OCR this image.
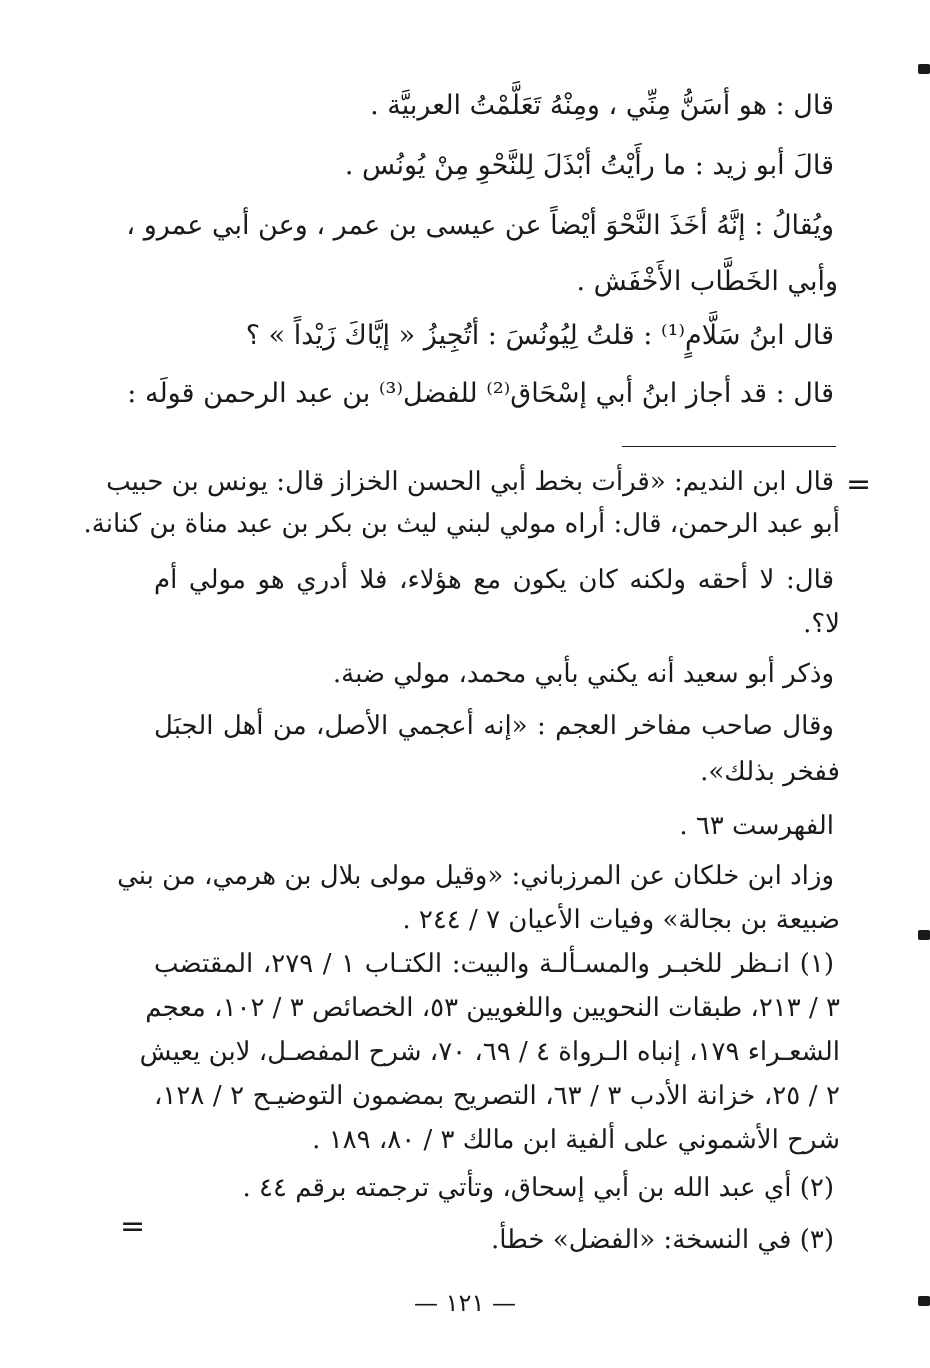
قال : هو أسَنُّ مِنِّي ، ومِنْهُ تَعَلَّمْتُ العربيَّة .
قالَ أبو زيد : ما رأَيْتُ أبْذَلَ لِلنَّحْوِ مِنْ يُونُس .
ويُقالُ : إنَّهُ أخَذَ النَّحْوَ أيْضاً عن عيسى بن عمر ، وعن أبي عمرو ،
وأبي الخَطَّاب الأَخْفَش .
قال ابنُ سَلَّامٍ⁽¹⁾ : قلتُ لِيُونُسَ : أتُجِيزُ « إيَّاكَ زَيْداً » ؟
قال : قد أجاز ابنُ أبي إسْحَاق⁽²⁾ للفضل⁽³⁾ بن عبد الرحمن قولَه :
=
قال ابن النديم: «قرأت بخط أبي الحسن الخزاز قال: يونس بن حبيب
أبو عبد الرحمن، قال: أراه مولي لبني ليث بن بكر بن عبد مناة بن كنانة.
قال: لا أحقه ولكنه كان يكون مع هؤلاء، فلا أدري هو مولي أم
لا؟.
وذكر أبو سعيد أنه يكني بأبي محمد، مولي ضبة.
وقال صاحب مفاخر العجم : «إنه أعجمي الأصل، من أهل الجبَل
ففخر بذلك».
الفهرست ٦٣ .
وزاد ابن خلكان عن المرزباني: «وقيل مولى بلال بن هرمي، من بني
ضبيعة بن بجالة» وفيات الأعيان ٧ / ٢٤٤ .
(١) انـظر للخبـر والمسـألـة والبيت: الكتـاب ١ / ٢٧٩، المقتضب
٣ / ٢١٣، طبقات النحويين واللغويين ٥٣، الخصائص ٣ / ١٠٢، معجم
الشعـراء ١٧٩، إنباه الـرواة ٤ / ٦٩، ٧٠، شرح المفصـل، لابن يعيش
٢ / ٢٥، خزانة الأدب ٣ / ٦٣، التصريح بمضمون التوضيـح ٢ / ١٢٨،
شرح الأشموني على ألفية ابن مالك ٣ / ٨٠، ١٨٩ .
(٢) أي عبد الله بن أبي إسحاق، وتأتي ترجمته برقم ٤٤ .
(٣) في النسخة: «الفضل» خطأ.
=
— ١٢١ —
